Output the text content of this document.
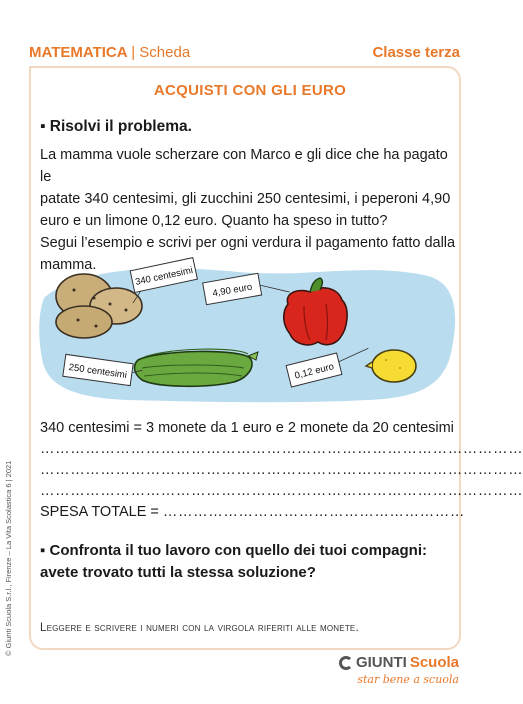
MATEMATICA | Scheda	Classe terza
ACQUISTI CON GLI EURO
▪ Risolvi il problema.
La mamma vuole scherzare con Marco e gli dice che ha pagato le
patate 340 centesimi, gli zucchini 250 centesimi, i peperoni 4,90
euro e un limone 0,12 euro. Quanto ha speso in tutto?
Segui l’esempio e scrivi per ogni verdura il pagamento fatto dalla
mamma.
340 centesimi
4,90 euro
250 centesimi	0,12 euro
340 centesimi = 3 monete da 1 euro e 2 monete da 20 centesimi
……………………………………………………………………………………
……………………………………………………………………………………
……………………………………………………………………………………
SPESA TOTALE = ……………………………………………………
▪ Confronta il tuo lavoro con quello dei tuoi compagni: avete trovato tutti la stessa soluzione?
Leggere e scrivere i numeri con la virgola riferiti alle monete.
© Giunti Scuola S.r.l., Firenze – La Vita Scolastica 6 | 2021
GIUNTI Scuola
star bene a scuola
